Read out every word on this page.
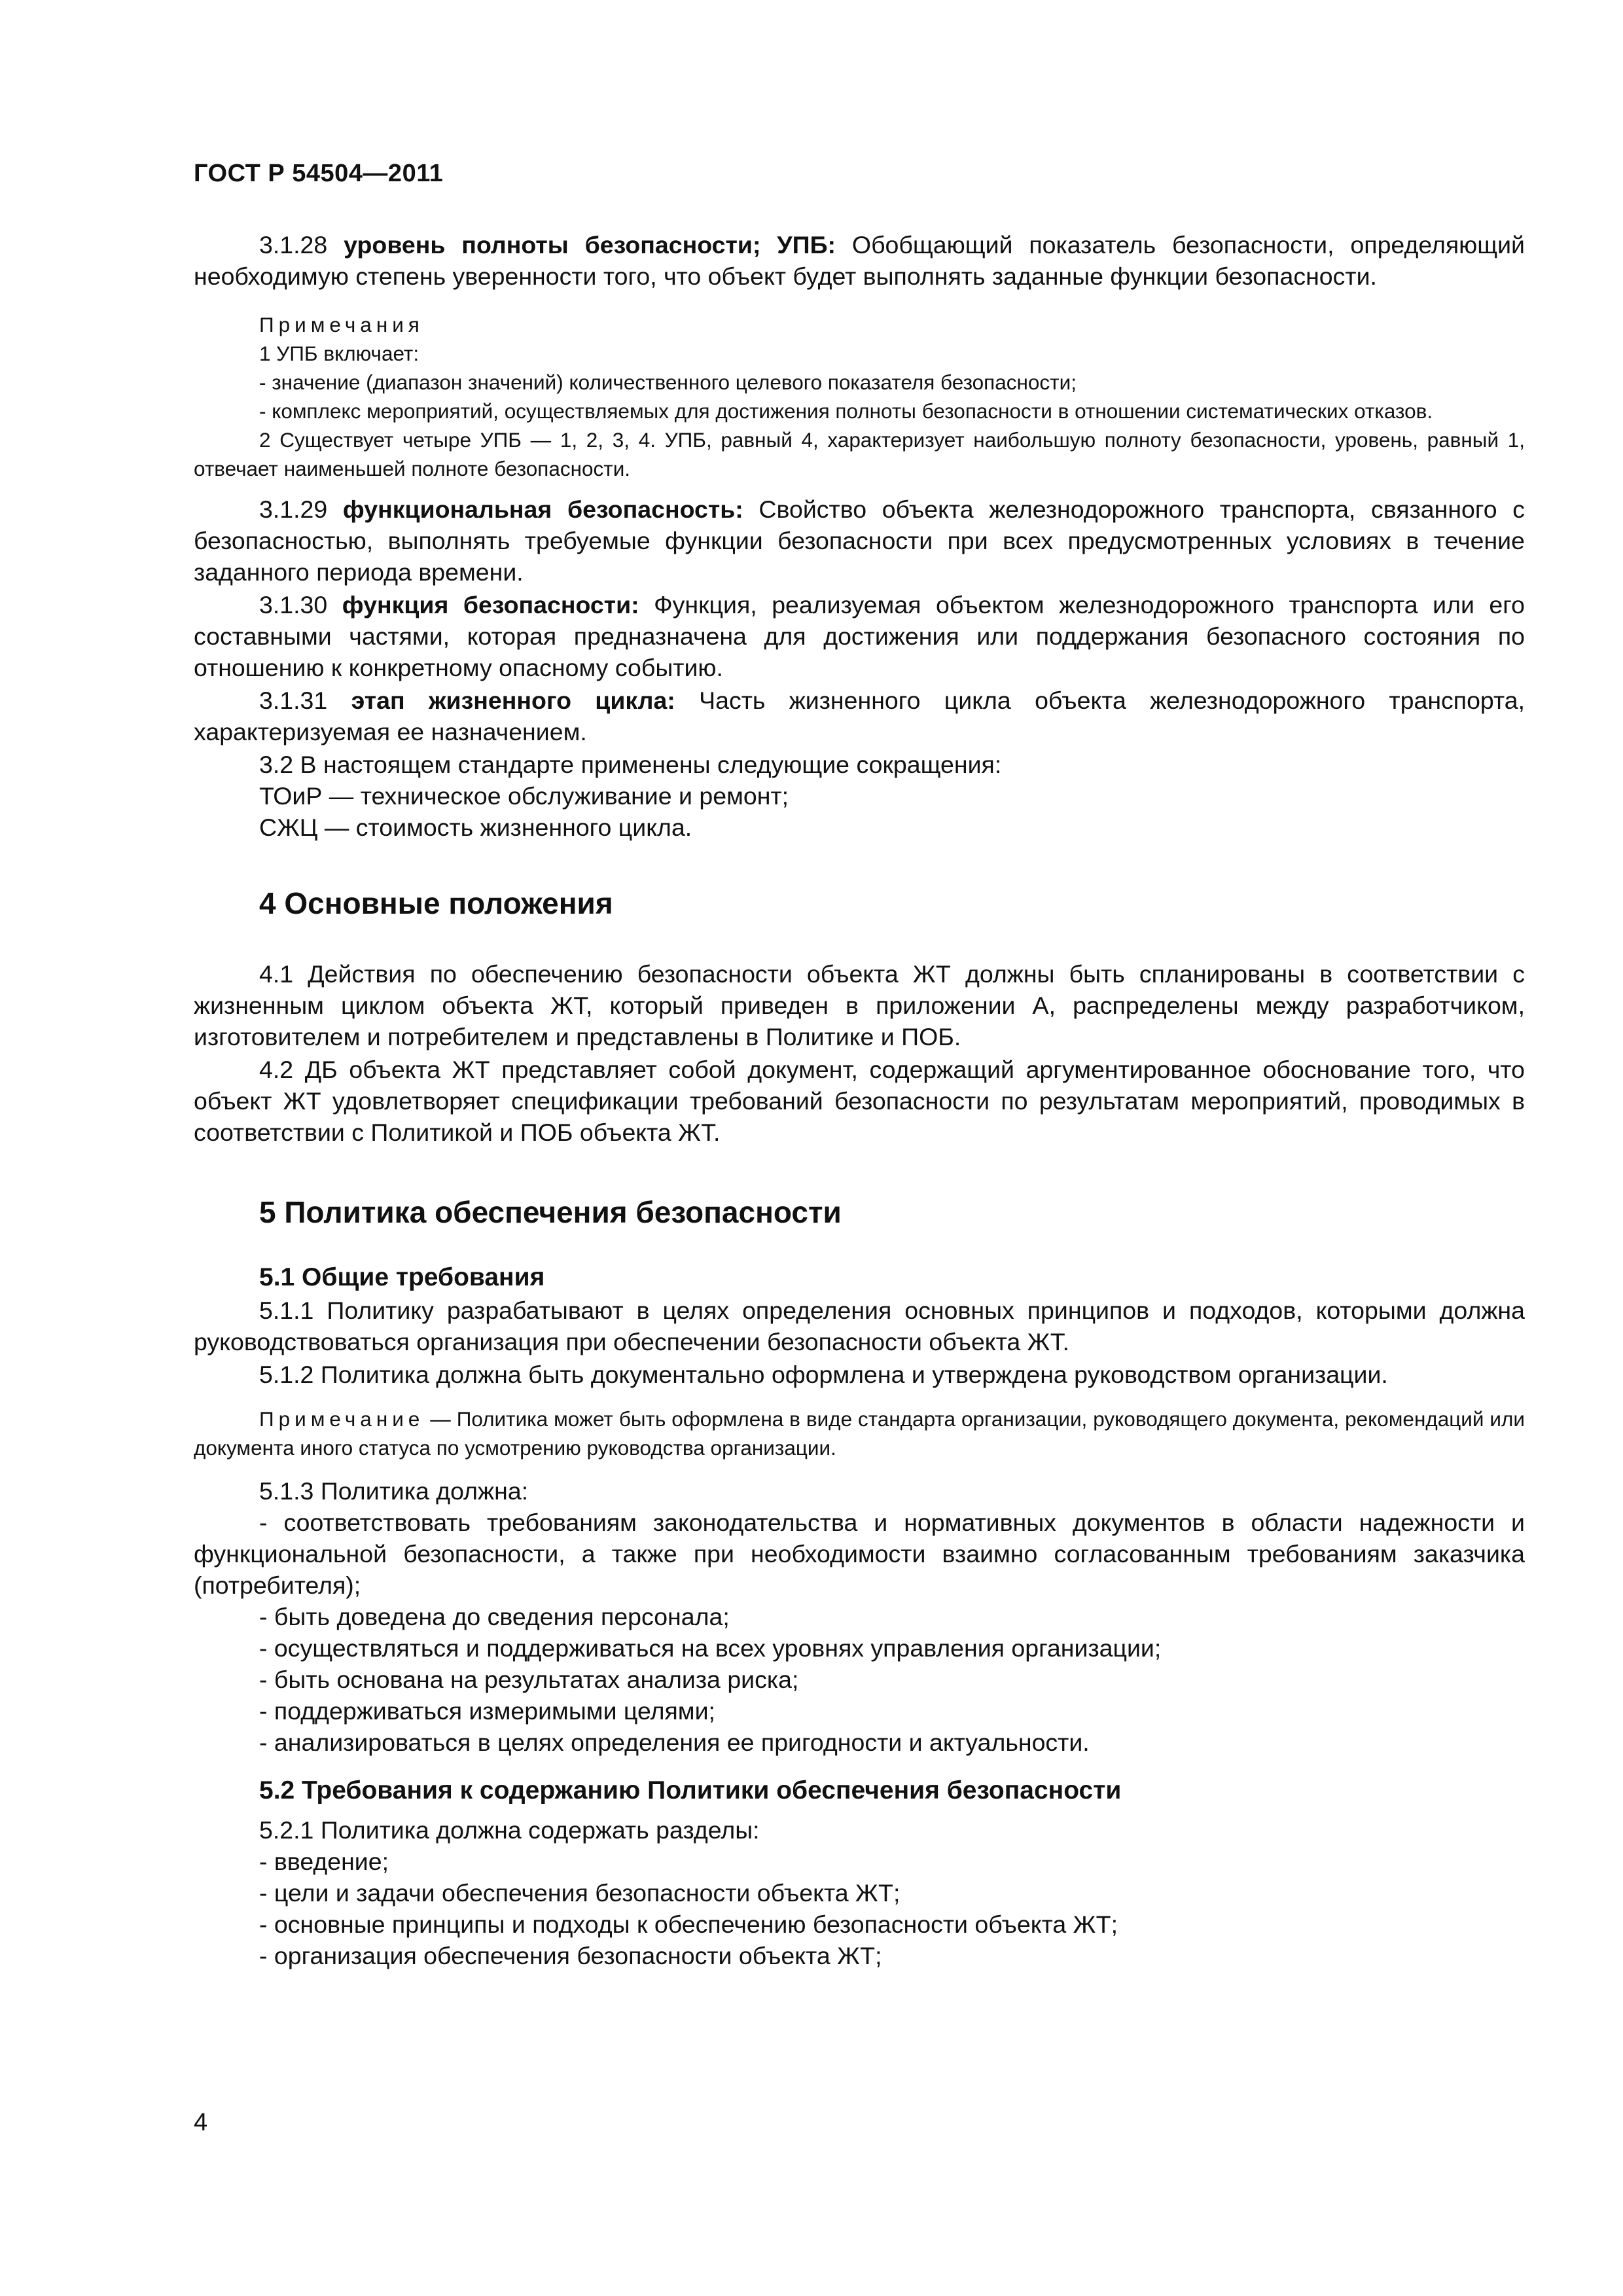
ГОСТ Р 54504—2011

3.1.28 уровень полноты безопасности; УПБ: Обобщающий показатель безопасности, определяющий необходимую степень уверенности того, что объект будет выполнять заданные функции безопасности.

Примечания

1 УПБ включает:

- значение (диапазон значений) количественного целевого показателя безопасности;

- комплекс мероприятий, осуществляемых для достижения полноты безопасности в отношении систематических отказов.

2 Существует четыре УПБ — 1, 2, 3, 4. УПБ, равный 4, характеризует наибольшую полноту безопасности, уровень, равный 1, отвечает наименьшей полноте безопасности.

3.1.29 функциональная безопасность: Свойство объекта железнодорожного транспорта, связанного с безопасностью, выполнять требуемые функции безопасности при всех предусмотренных условиях в течение заданного периода времени.

3.1.30 функция безопасности: Функция, реализуемая объектом железнодорожного транспорта или его составными частями, которая предназначена для достижения или поддержания безопасного состояния по отношению к конкретному опасному событию.

3.1.31 этап жизненного цикла: Часть жизненного цикла объекта железнодорожного транспорта, характеризуемая ее назначением.

3.2 В настоящем стандарте применены следующие сокращения:

ТОиР — техническое обслуживание и ремонт;

СЖЦ — стоимость жизненного цикла.

4 Основные положения

4.1 Действия по обеспечению безопасности объекта ЖТ должны быть спланированы в соответствии с жизненным циклом объекта ЖТ, который приведен в приложении А, распределены между разработчиком, изготовителем и потребителем и представлены в Политике и ПОБ.

4.2 ДБ объекта ЖТ представляет собой документ, содержащий аргументированное обоснование того, что объект ЖТ удовлетворяет спецификации требований безопасности по результатам мероприятий, проводимых в соответствии с Политикой и ПОБ объекта ЖТ.

5 Политика обеспечения безопасности

5.1 Общие требования

5.1.1 Политику разрабатывают в целях определения основных принципов и подходов, которыми должна руководствоваться организация при обеспечении безопасности объекта ЖТ.

5.1.2 Политика должна быть документально оформлена и утверждена руководством организации.

Примечание — Политика может быть оформлена в виде стандарта организации, руководящего документа, рекомендаций или документа иного статуса по усмотрению руководства организации.

5.1.3 Политика должна:

- соответствовать требованиям законодательства и нормативных документов в области надежности и функциональной безопасности, а также при необходимости взаимно согласованным требованиям заказчика (потребителя);

- быть доведена до сведения персонала;

- осуществляться и поддерживаться на всех уровнях управления организации;

- быть основана на результатах анализа риска;

- поддерживаться измеримыми целями;

- анализироваться в целях определения ее пригодности и актуальности.

5.2 Требования к содержанию Политики обеспечения безопасности

5.2.1 Политика должна содержать разделы:

- введение;

- цели и задачи обеспечения безопасности объекта ЖТ;

- основные принципы и подходы к обеспечению безопасности объекта ЖТ;

- организация обеспечения безопасности объекта ЖТ;

4
